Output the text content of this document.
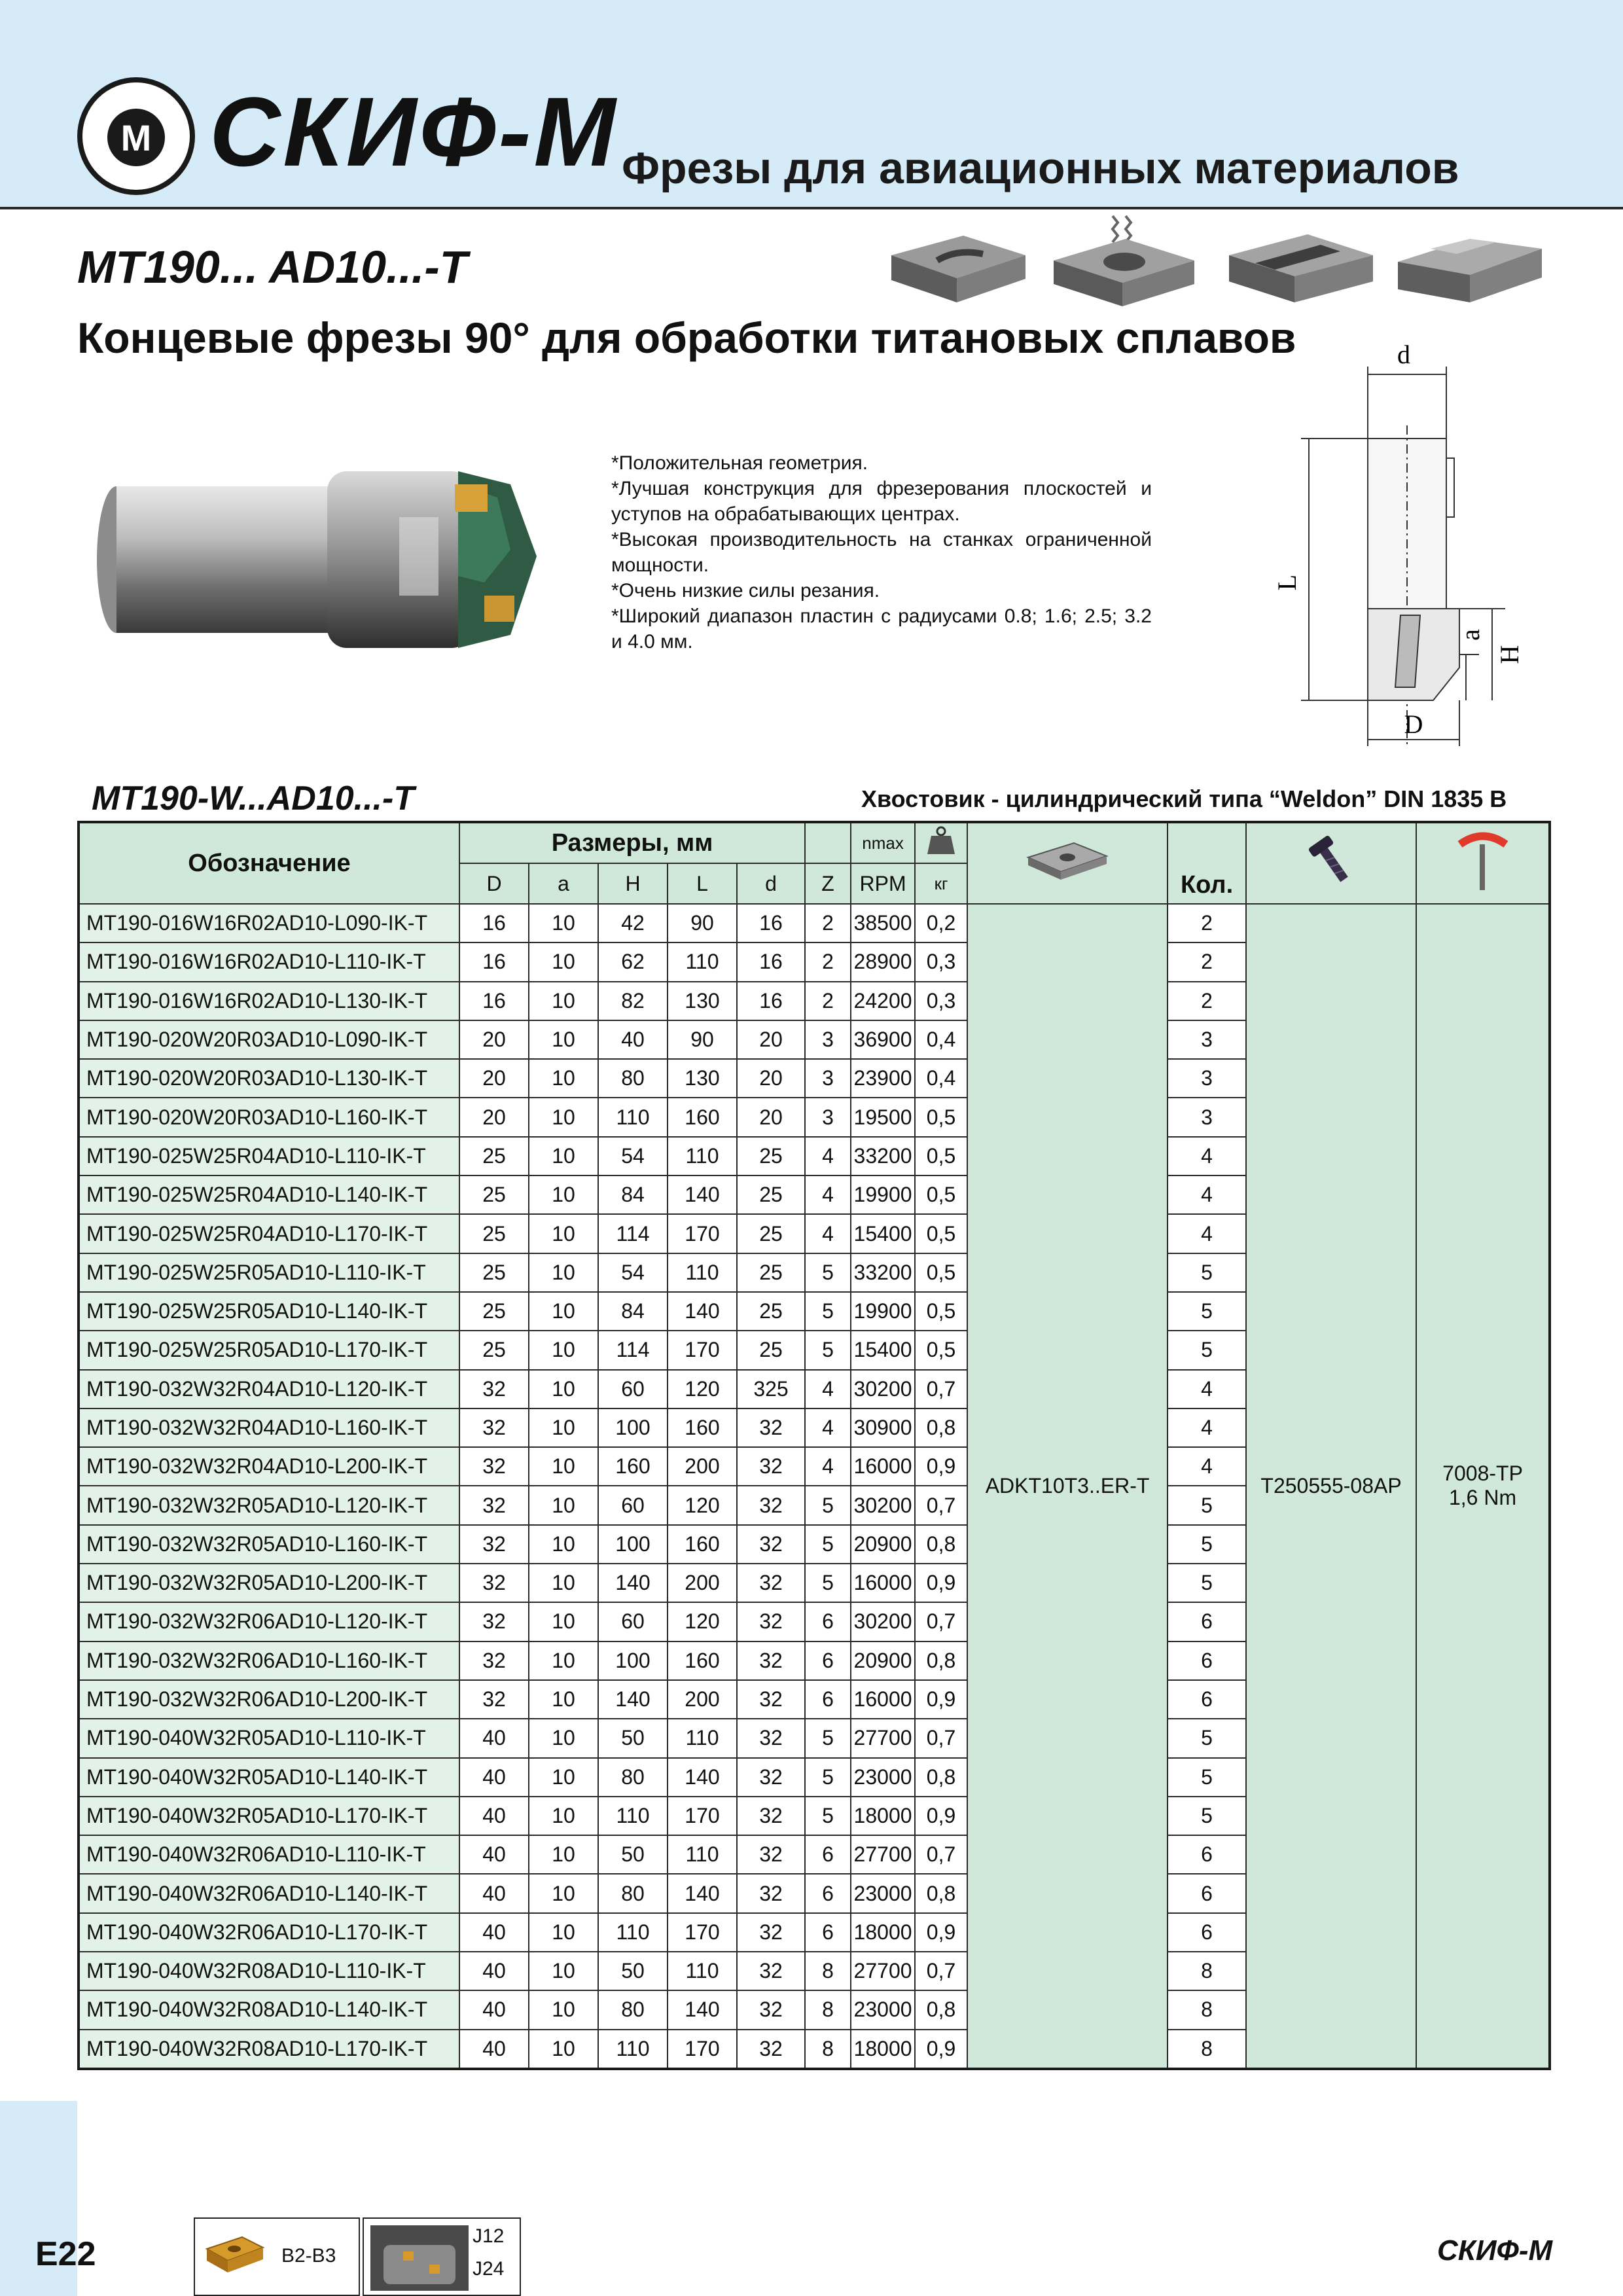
М СКИФ-М Фрезы для авиационных материалов
MT190... AD10...-T
Концевые фрезы 90° для обработки титановых сплавов
*Положительная геометрия.
*Лучшая конструкция для фрезерования плоскостей и уступов на обрабатывающих центрах.
*Высокая производительность на станках ограниченной мощности.
*Очень низкие силы резания.
*Широкий диапазон пластин с радиусами 0.8; 1.6; 2.5; 3.2 и 4.0 мм.
d
L
a
H
D
MT190-W...AD10...-T	Хвостовик - цилиндрический типа “Weldon” DIN 1835 B
Обозначение	Размеры, мм						nmax			Кол.		
	D	a	H	L	d	Z	RPM	кг				
MT190-016W16R02AD10-L090-IK-T	16	10	42	90	16	2	38500	0,2	ADKT10T3..ER-T	2	T250555-08AP	7008-TP
1,6 Nm

MT190-016W16R02AD10-L110-IK-T	16	10	62	110	16	2	28900	0,3		2		
MT190-016W16R02AD10-L130-IK-T	16	10	82	130	16	2	24200	0,3		2		
MT190-020W20R03AD10-L090-IK-T	20	10	40	90	20	3	36900	0,4		3		
MT190-020W20R03AD10-L130-IK-T	20	10	80	130	20	3	23900	0,4		3		
MT190-020W20R03AD10-L160-IK-T	20	10	110	160	20	3	19500	0,5		3		
MT190-025W25R04AD10-L110-IK-T	25	10	54	110	25	4	33200	0,5		4		
MT190-025W25R04AD10-L140-IK-T	25	10	84	140	25	4	19900	0,5		4		
MT190-025W25R04AD10-L170-IK-T	25	10	114	170	25	4	15400	0,5		4		
MT190-025W25R05AD10-L110-IK-T	25	10	54	110	25	5	33200	0,5		5		
MT190-025W25R05AD10-L140-IK-T	25	10	84	140	25	5	19900	0,5		5		
MT190-025W25R05AD10-L170-IK-T	25	10	114	170	25	5	15400	0,5		5		
MT190-032W32R04AD10-L120-IK-T	32	10	60	120	325	4	30200	0,7		4		
MT190-032W32R04AD10-L160-IK-T	32	10	100	160	32	4	30900	0,8		4		
MT190-032W32R04AD10-L200-IK-T	32	10	160	200	32	4	16000	0,9		4		
MT190-032W32R05AD10-L120-IK-T	32	10	60	120	32	5	30200	0,7		5		
MT190-032W32R05AD10-L160-IK-T	32	10	100	160	32	5	20900	0,8		5		
MT190-032W32R05AD10-L200-IK-T	32	10	140	200	32	5	16000	0,9		5		
MT190-032W32R06AD10-L120-IK-T	32	10	60	120	32	6	30200	0,7		6		
MT190-032W32R06AD10-L160-IK-T	32	10	100	160	32	6	20900	0,8		6		
MT190-032W32R06AD10-L200-IK-T	32	10	140	200	32	6	16000	0,9		6		
MT190-040W32R05AD10-L110-IK-T	40	10	50	110	32	5	27700	0,7		5		
MT190-040W32R05AD10-L140-IK-T	40	10	80	140	32	5	23000	0,8		5		
MT190-040W32R05AD10-L170-IK-T	40	10	110	170	32	5	18000	0,9		5		
MT190-040W32R06AD10-L110-IK-T	40	10	50	110	32	6	27700	0,7		6		
MT190-040W32R06AD10-L140-IK-T	40	10	80	140	32	6	23000	0,8		6		
MT190-040W32R06AD10-L170-IK-T	40	10	110	170	32	6	18000	0,9		6		
MT190-040W32R08AD10-L110-IK-T	40	10	50	110	32	8	27700	0,7		8		
MT190-040W32R08AD10-L140-IK-T	40	10	80	140	32	8	23000	0,8		8		
MT190-040W32R08AD10-L170-IK-T	40	10	110	170	32	8	18000	0,9		8		
E22	B2-B3
J12
J24
СКИФ-М
